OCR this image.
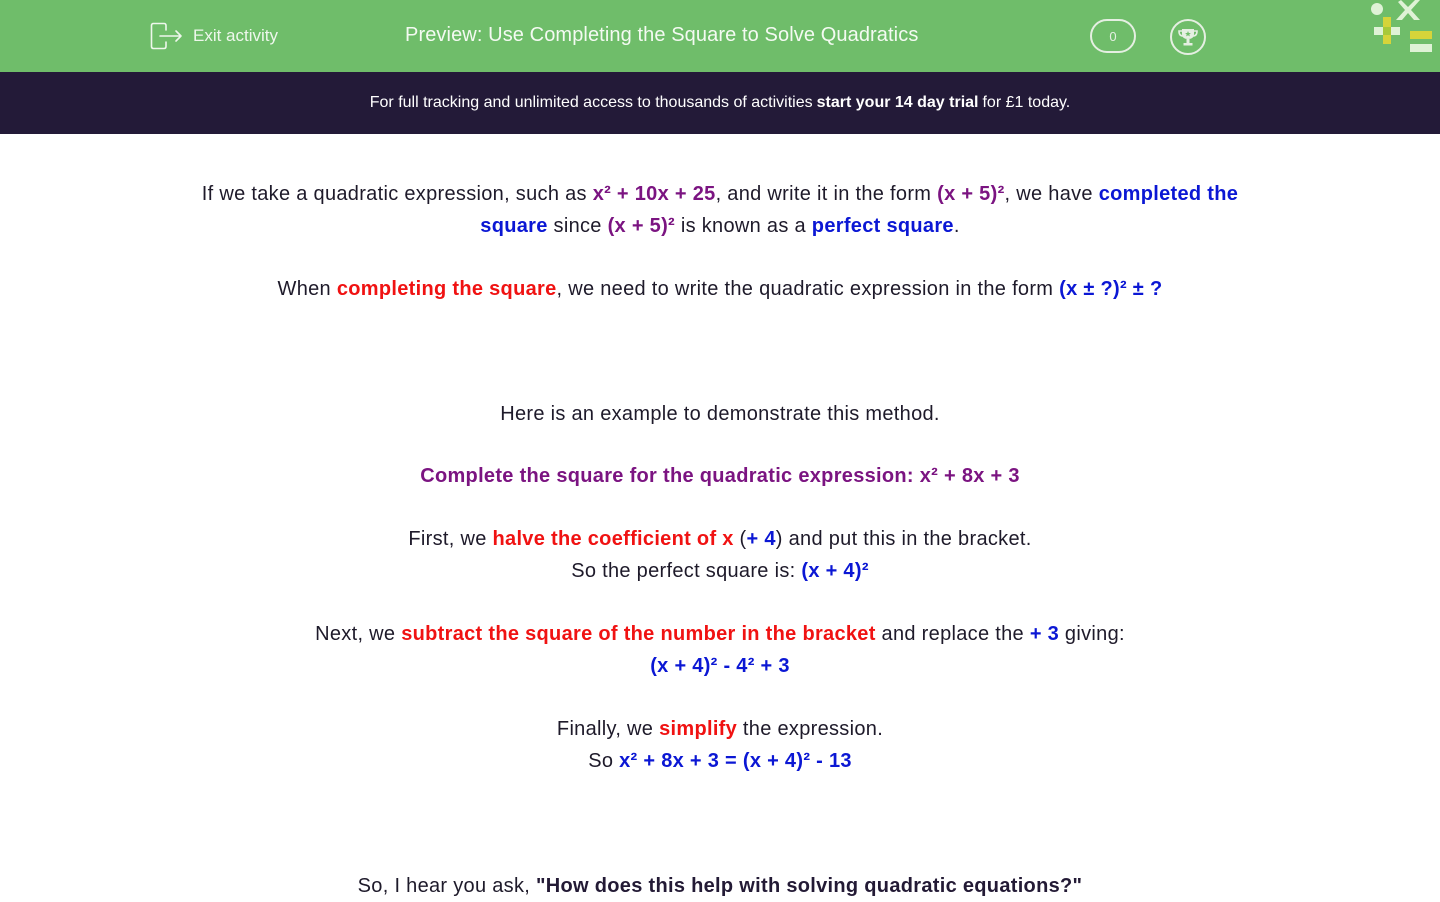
Exit activity	Preview: Use Completing the Square to Solve Quadratics	0
For full tracking and unlimited access to thousands of activities start your 14 day trial for £1 today.
If we take a quadratic expression, such as x² + 10x + 25, and write it in the form (x + 5)², we have completed the square since (x + 5)² is known as a perfect square.
When completing the square, we need to write the quadratic expression in the form (x ± ?)² ± ?
Here is an example to demonstrate this method.
Complete the square for the quadratic expression: x² + 8x + 3
First, we halve the coefficient of x (+ 4) and put this in the bracket.
So the perfect square is: (x + 4)²
Next, we subtract the square of the number in the bracket and replace the + 3 giving:
(x + 4)² - 4² + 3
Finally, we simplify the expression.
So x² + 8x + 3 = (x + 4)² - 13
So, I hear you ask, "How does this help with solving quadratic equations?"
